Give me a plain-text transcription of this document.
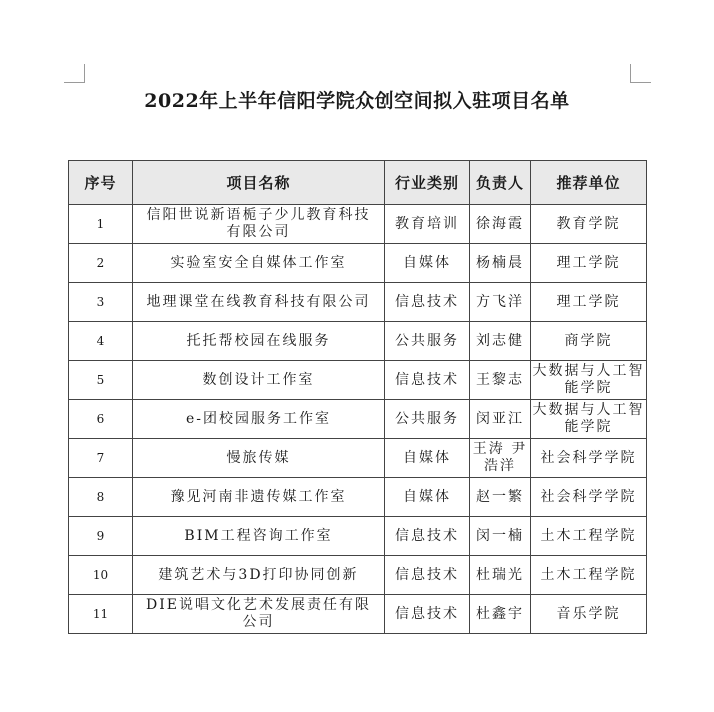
2022年上半年信阳学院众创空间拟入驻项目名单
序号	项目名称	行业类别	负责人	推荐单位
1	信阳世说新语栀子少儿教育科技有限公司	教育培训	徐海霞	教育学院
2	实验室安全自媒体工作室	自媒体	杨楠晨	理工学院
3	地理课堂在线教育科技有限公司	信息技术	方飞洋	理工学院
4	托托帮校园在线服务	公共服务	刘志健	商学院
5	数创设计工作室	信息技术	王黎志	大数据与人工智能学院
6	e-团校园服务工作室	公共服务	闵亚江	大数据与人工智能学院
7	慢旅传媒	自媒体	王涛 尹浩洋	社会科学学院
8	豫见河南非遗传媒工作室	自媒体	赵一繁	社会科学学院
9	BIM工程咨询工作室	信息技术	闵一楠	土木工程学院
10	建筑艺术与3D打印协同创新	信息技术	杜瑞光	土木工程学院
11	DIE说唱文化艺术发展责任有限公司	信息技术	杜鑫宇	音乐学院
